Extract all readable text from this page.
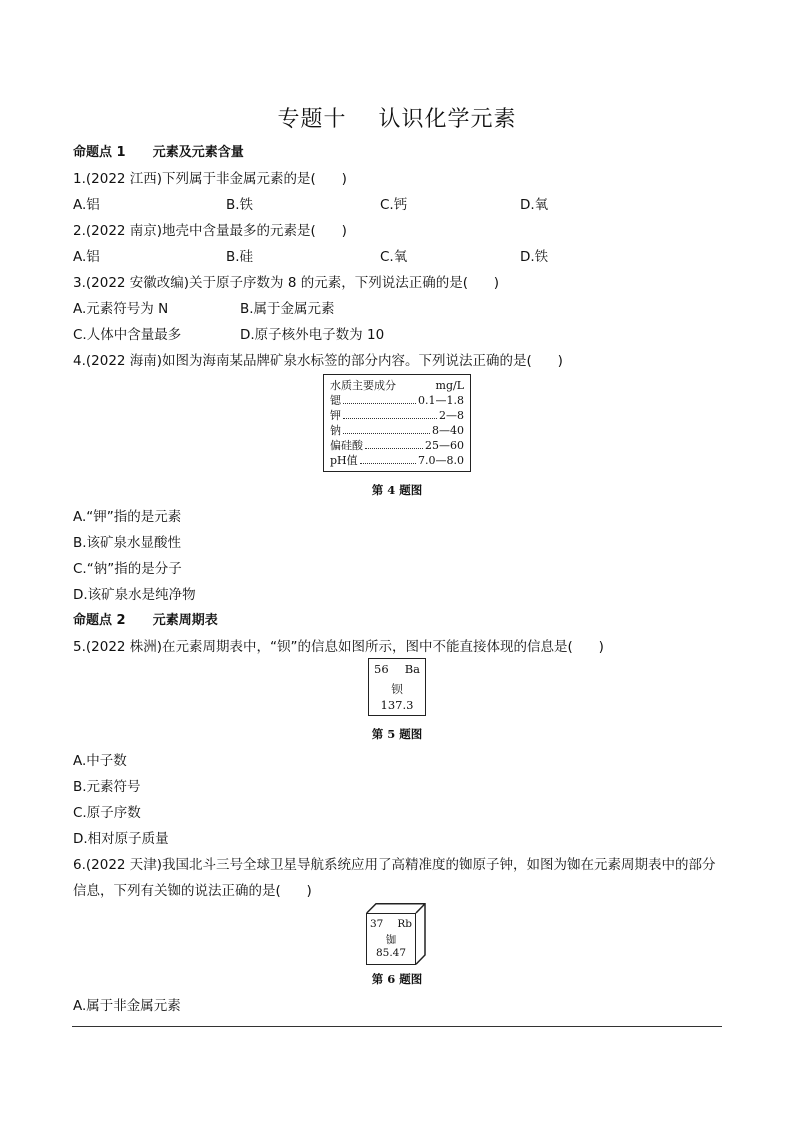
专题十    认识化学元素
命题点 1      元素及元素含量
1.(2022 江西)下列属于非金属元素的是(      )
A.铝	B.铁	C.钙	D.氧
2.(2022 南京)地壳中含量最多的元素是(      )
A.铝	B.硅	C.氧	D.铁
3.(2022 安徽改编)关于原子序数为 8 的元素，下列说法正确的是(      )
A.元素符号为 N	B.属于金属元素
C.人体中含量最多	D.原子核外电子数为 10
4.(2022 海南)如图为海南某品牌矿泉水标签的部分内容。下列说法正确的是(      )
水质主要成分	mg/L
锶	0.1—1.8
钾	2—8
钠	8—40
偏硅酸	25—60
pH值	7.0—8.0
第 4 题图
A.“钾”指的是元素
B.该矿泉水显酸性
C.“钠”指的是分子
D.该矿泉水是纯净物
命题点 2      元素周期表
5.(2022 株洲)在元素周期表中，“钡”的信息如图所示，图中不能直接体现的信息是(      )
56 Ba
钡
137.3
第 5 题图
A.中子数
B.元素符号
C.原子序数
D.相对原子质量
6.(2022 天津)我国北斗三号全球卫星导航系统应用了高精准度的铷原子钟，如图为铷在元素周期表中的部分
信息，下列有关铷的说法正确的是(      )
37 Rb
铷
85.47
第 6 题图
A.属于非金属元素
